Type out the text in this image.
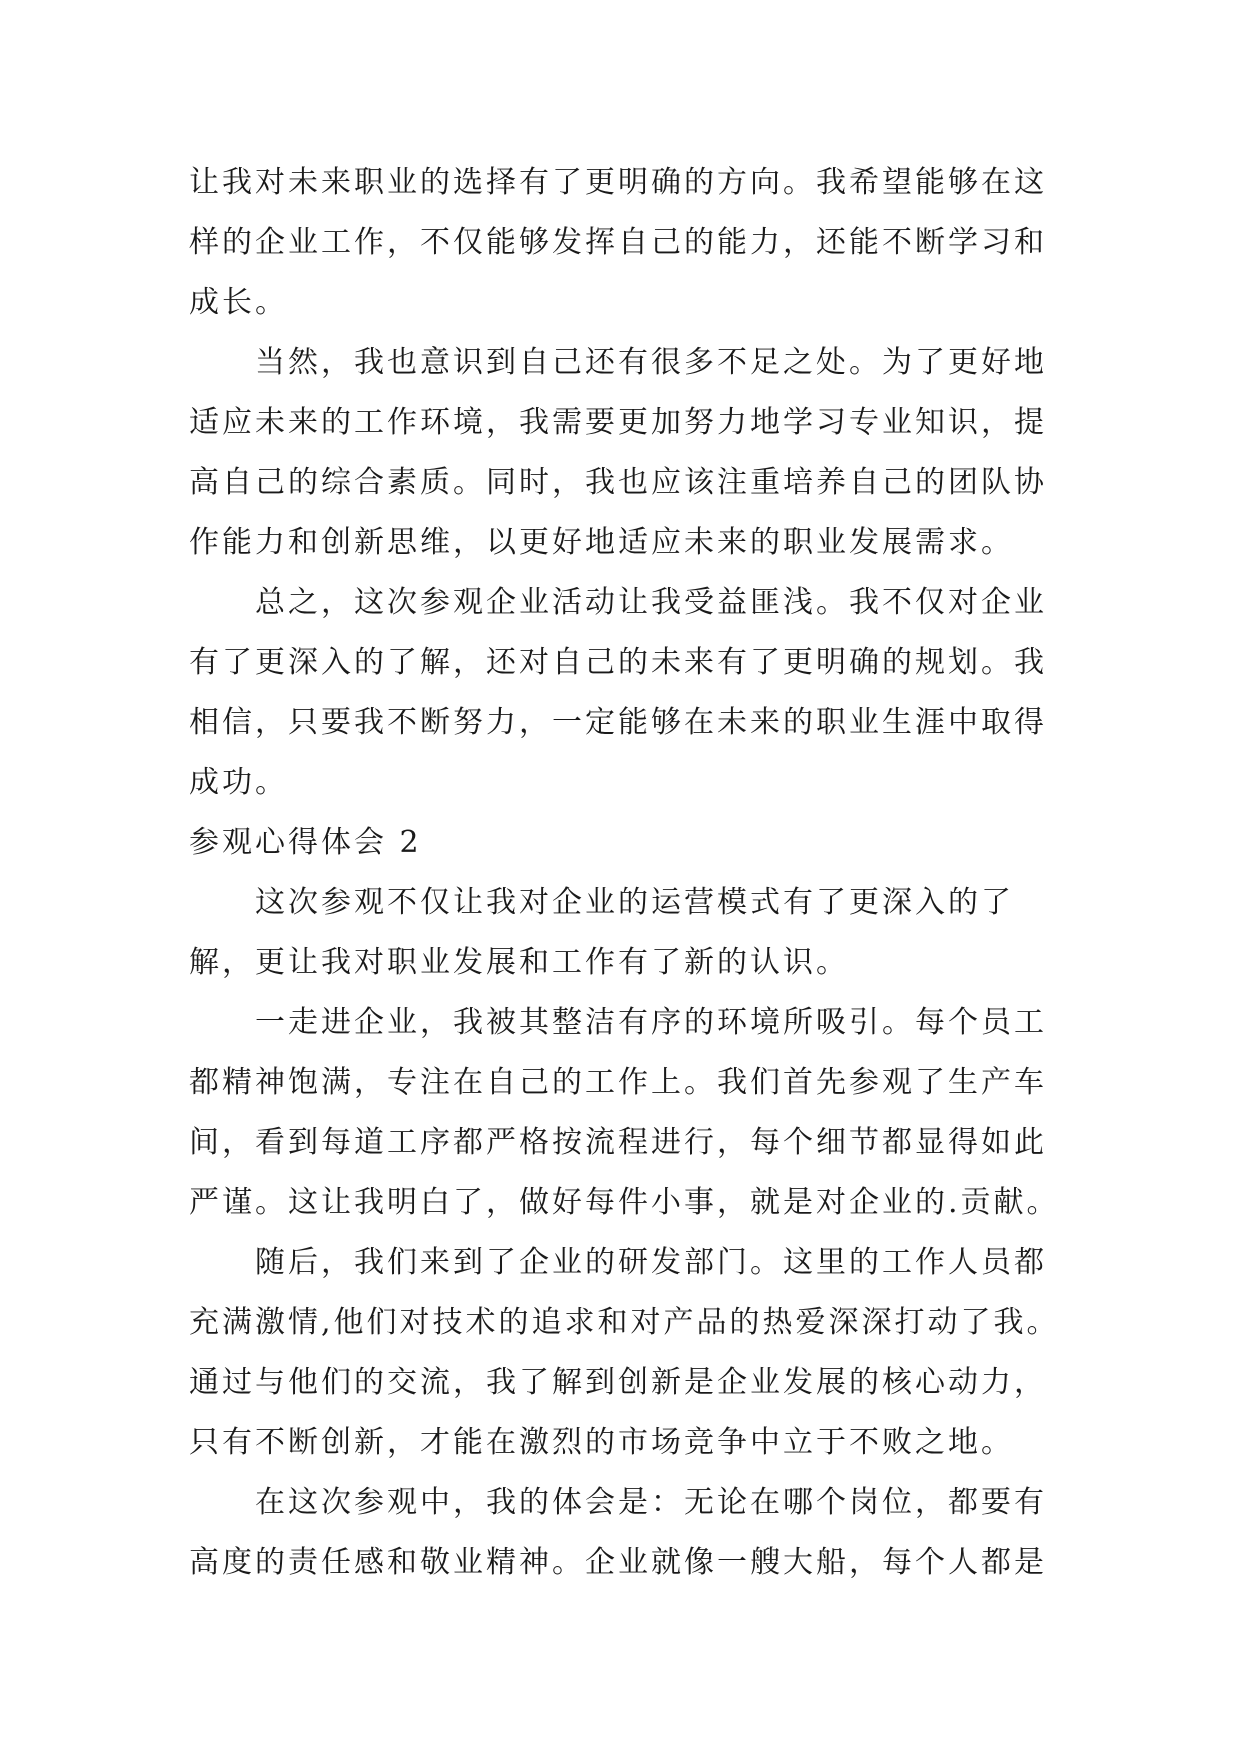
让我对未来职业的选择有了更明确的方向。我希望能够在这
样的企业工作，不仅能够发挥自己的能力，还能不断学习和
成长。
当然，我也意识到自己还有很多不足之处。为了更好地
适应未来的工作环境，我需要更加努力地学习专业知识，提
高自己的综合素质。同时，我也应该注重培养自己的团队协
作能力和创新思维，以更好地适应未来的职业发展需求。
总之，这次参观企业活动让我受益匪浅。我不仅对企业
有了更深入的了解，还对自己的未来有了更明确的规划。我
相信，只要我不断努力，一定能够在未来的职业生涯中取得
成功。
参观心得体会 2
这次参观不仅让我对企业的运营模式有了更深入的了
解，更让我对职业发展和工作有了新的认识。
一走进企业，我被其整洁有序的环境所吸引。每个员工
都精神饱满，专注在自己的工作上。我们首先参观了生产车
间，看到每道工序都严格按流程进行，每个细节都显得如此
严谨。这让我明白了，做好每件小事，就是对企业的.贡献。
随后，我们来到了企业的研发部门。这里的工作人员都
充满激情,他们对技术的追求和对产品的热爱深深打动了我。
通过与他们的交流，我了解到创新是企业发展的核心动力，
只有不断创新，才能在激烈的市场竞争中立于不败之地。
在这次参观中，我的体会是：无论在哪个岗位，都要有
高度的责任感和敬业精神。企业就像一艘大船，每个人都是
